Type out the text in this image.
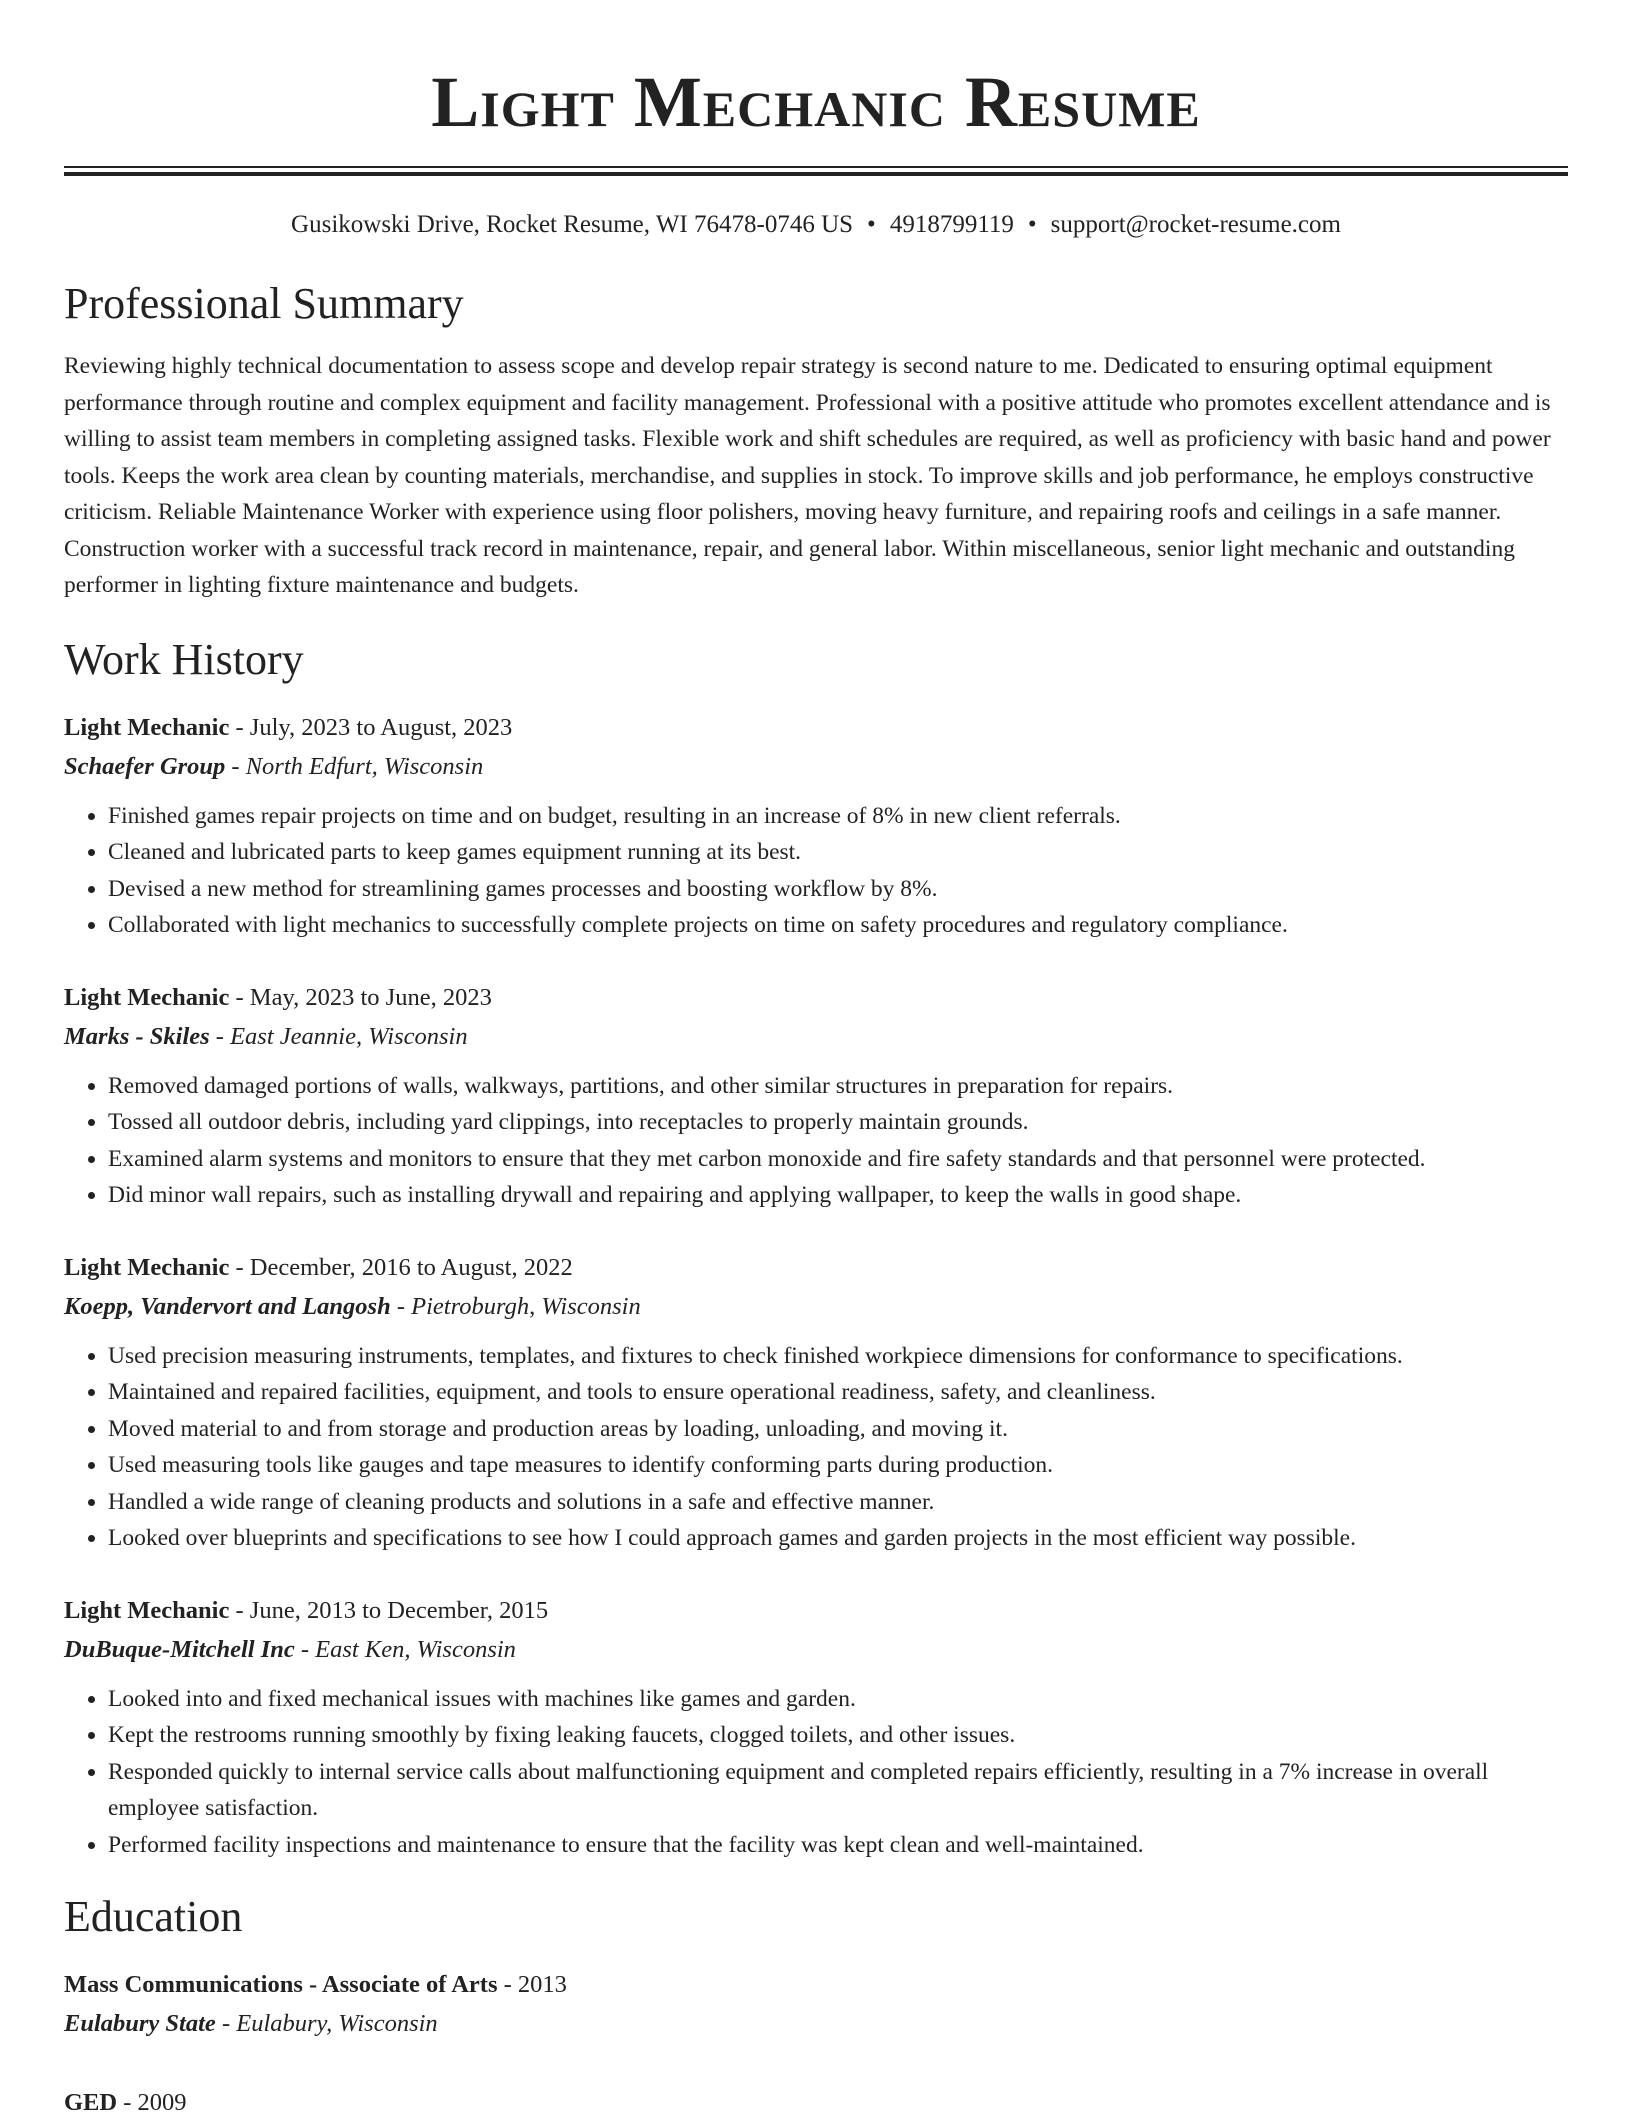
Light Mechanic Resume
Gusikowski Drive, Rocket Resume, WI 76478-0746 US • 4918799119 • support@rocket-resume.com
Professional Summary

Reviewing highly technical documentation to assess scope and develop repair strategy is second nature to me. Dedicated to ensuring optimal equipment performance through routine and complex equipment and facility management. Professional with a positive attitude who promotes excellent attendance and is willing to assist team members in completing assigned tasks. Flexible work and shift schedules are required, as well as proficiency with basic hand and power tools. Keeps the work area clean by counting materials, merchandise, and supplies in stock. To improve skills and job performance, he employs constructive criticism. Reliable Maintenance Worker with experience using floor polishers, moving heavy furniture, and repairing roofs and ceilings in a safe manner. Construction worker with a successful track record in maintenance, repair, and general labor. Within miscellaneous, senior light mechanic and outstanding performer in lighting fixture maintenance and budgets.

Work History
Light Mechanic - July, 2023 to August, 2023
Schaefer Group - North Edfurt, Wisconsin
• Finished games repair projects on time and on budget, resulting in an increase of 8% in new client referrals.
• Cleaned and lubricated parts to keep games equipment running at its best.
• Devised a new method for streamlining games processes and boosting workflow by 8%.
• Collaborated with light mechanics to successfully complete projects on time on safety procedures and regulatory compliance.
Light Mechanic - May, 2023 to June, 2023
Marks - Skiles - East Jeannie, Wisconsin
• Removed damaged portions of walls, walkways, partitions, and other similar structures in preparation for repairs.
• Tossed all outdoor debris, including yard clippings, into receptacles to properly maintain grounds.
• Examined alarm systems and monitors to ensure that they met carbon monoxide and fire safety standards and that personnel were protected.
• Did minor wall repairs, such as installing drywall and repairing and applying wallpaper, to keep the walls in good shape.
Light Mechanic - December, 2016 to August, 2022
Koepp, Vandervort and Langosh - Pietroburgh, Wisconsin
• Used precision measuring instruments, templates, and fixtures to check finished workpiece dimensions for conformance to specifications.
• Maintained and repaired facilities, equipment, and tools to ensure operational readiness, safety, and cleanliness.
• Moved material to and from storage and production areas by loading, unloading, and moving it.
• Used measuring tools like gauges and tape measures to identify conforming parts during production.
• Handled a wide range of cleaning products and solutions in a safe and effective manner.
• Looked over blueprints and specifications to see how I could approach games and garden projects in the most efficient way possible.
Light Mechanic - June, 2013 to December, 2015
DuBuque-Mitchell Inc - East Ken, Wisconsin
• Looked into and fixed mechanical issues with machines like games and garden.
• Kept the restrooms running smoothly by fixing leaking faucets, clogged toilets, and other issues.
• Responded quickly to internal service calls about malfunctioning equipment and completed repairs efficiently, resulting in a 7% increase in overall employee satisfaction.
• Performed facility inspections and maintenance to ensure that the facility was kept clean and well-maintained.
Education
Mass Communications - Associate of Arts - 2013
Eulabury State - Eulabury, Wisconsin
GED - 2009
